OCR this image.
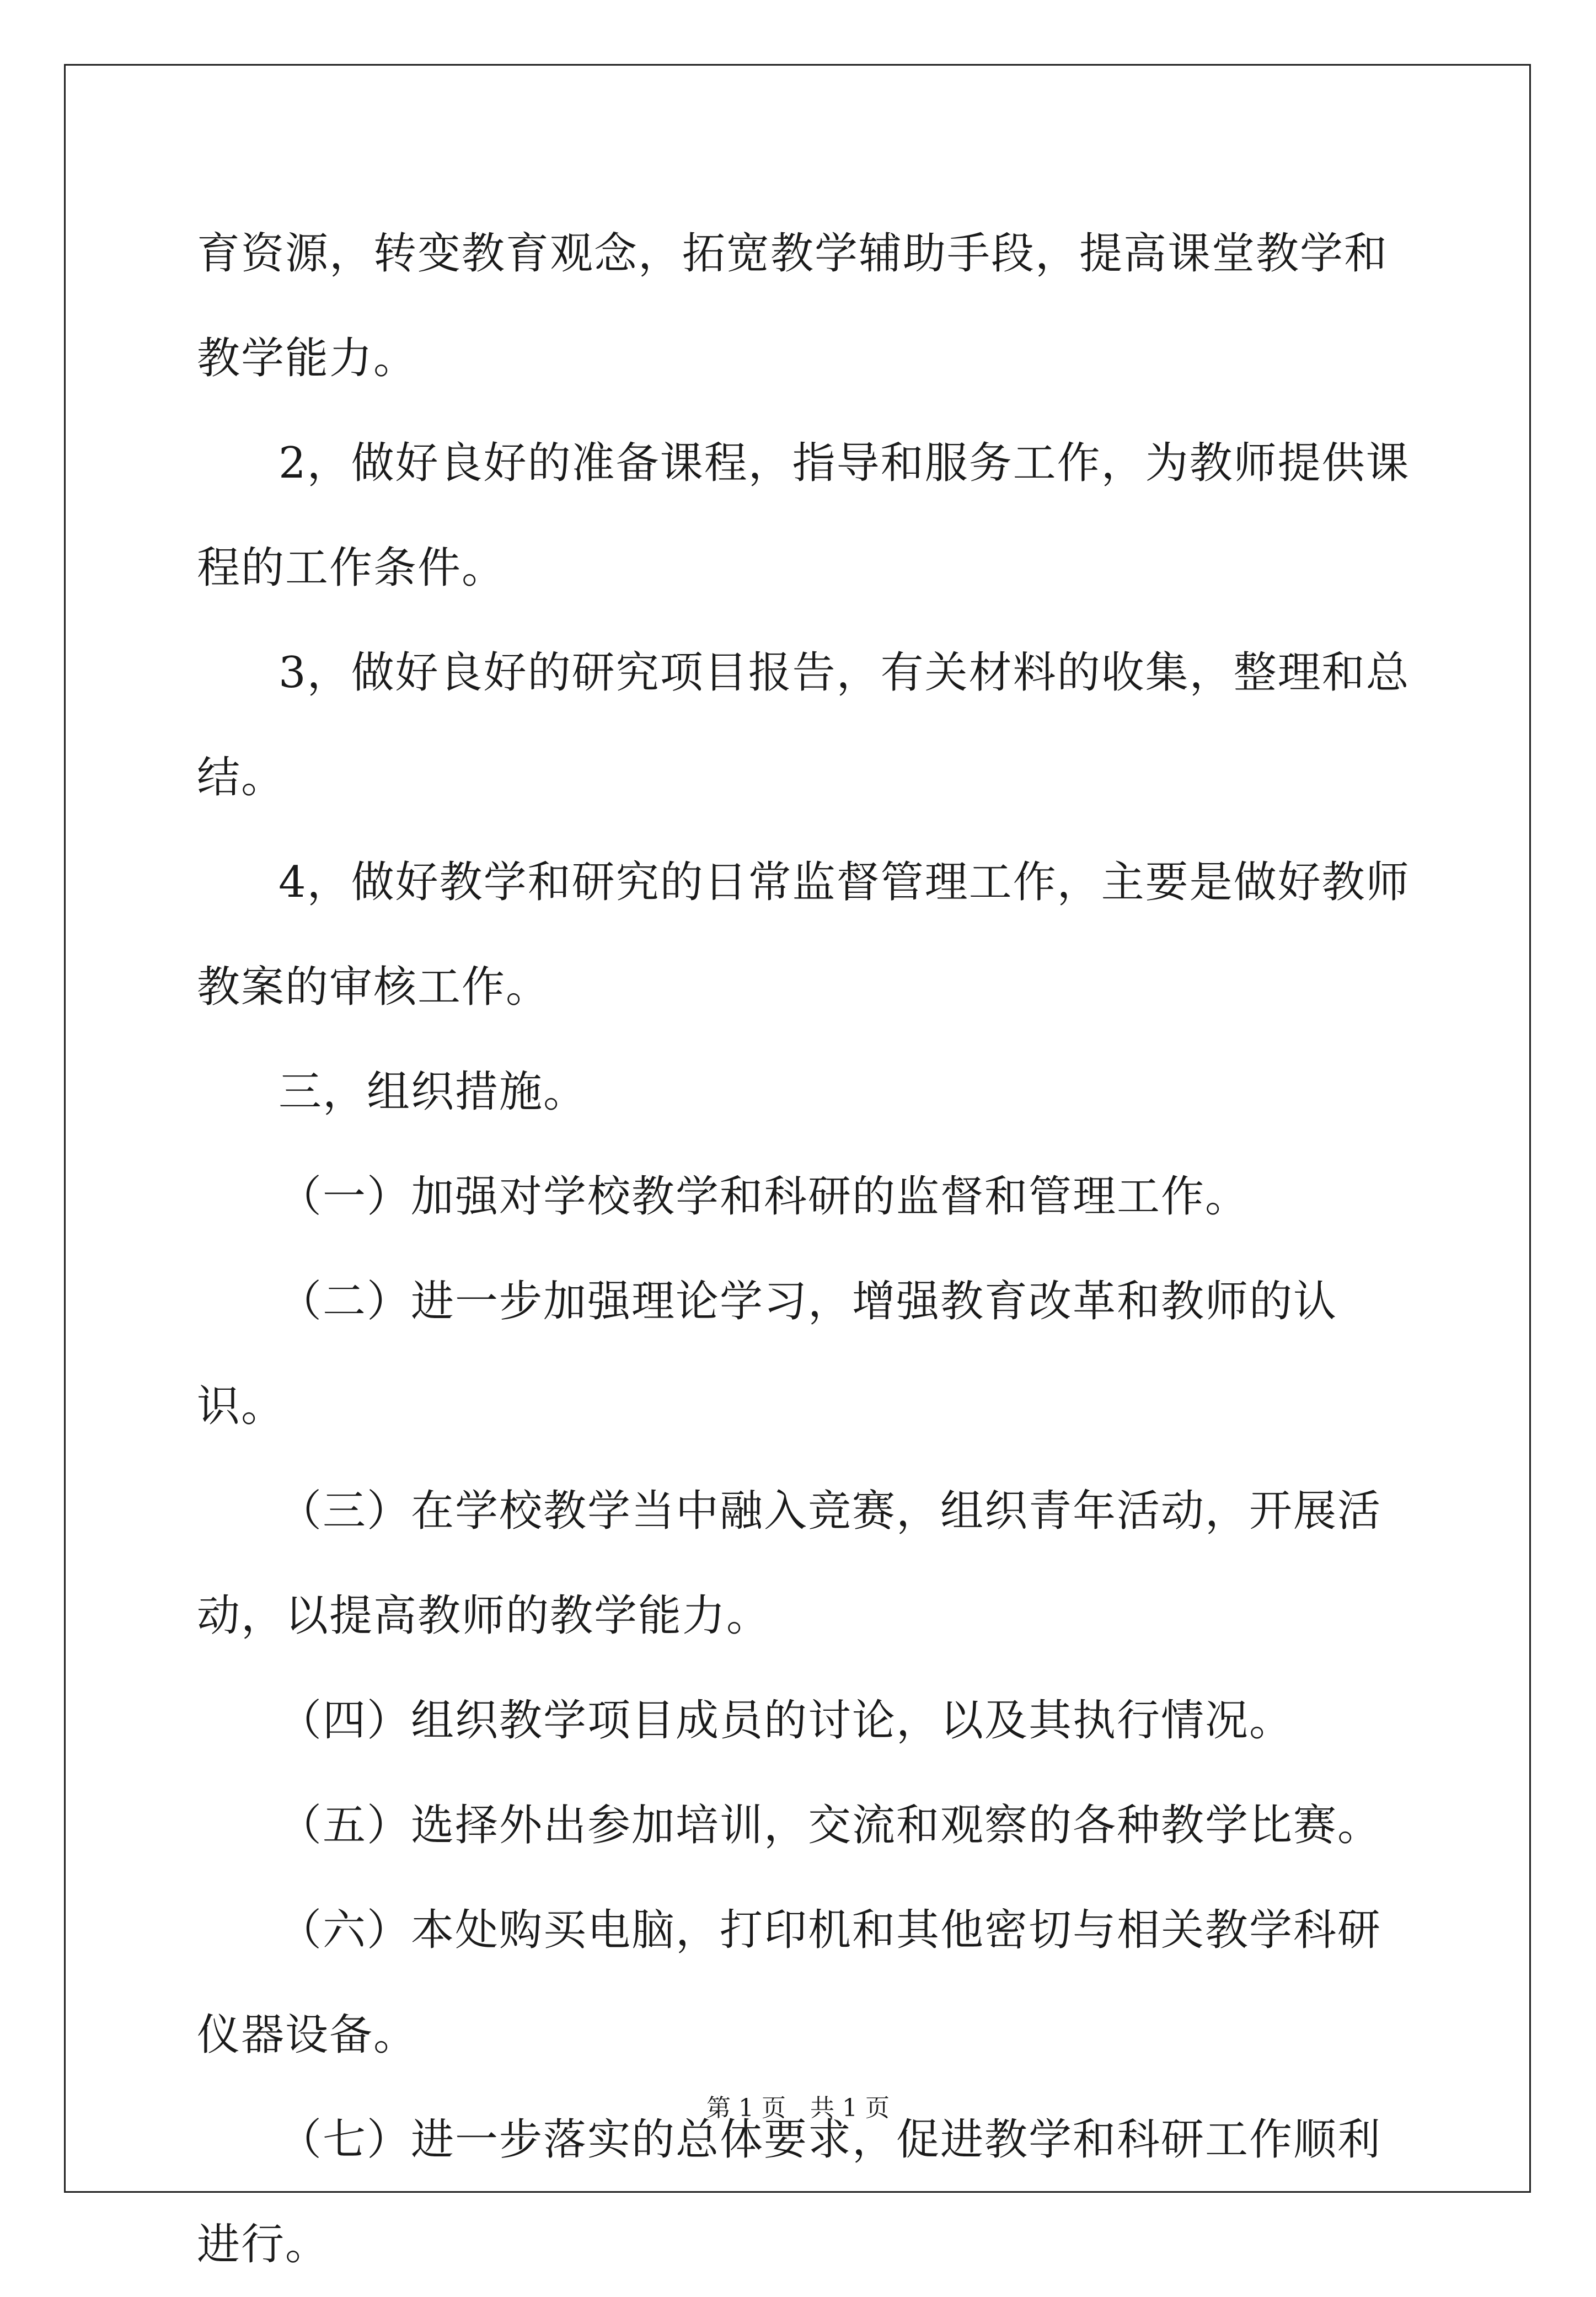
育资源，转变教育观念，拓宽教学辅助手段，提高课堂教学和教学能力。

2，做好良好的准备课程，指导和服务工作，为教师提供课程的工作条件。

3，做好良好的研究项目报告，有关材料的收集，整理和总结。

4，做好教学和研究的日常监督管理工作，主要是做好教师教案的审核工作。

三，组织措施。

（一）加强对学校教学和科研的监督和管理工作。

（二）进一步加强理论学习，增强教育改革和教师的认识。

（三）在学校教学当中融入竞赛，组织青年活动，开展活动，以提高教师的教学能力。

（四）组织教学项目成员的讨论，以及其执行情况。

（五）选择外出参加培训，交流和观察的各种教学比赛。

（六）本处购买电脑，打印机和其他密切与相关教学科研仪器设备。

（七）进一步落实的总体要求，促进教学和科研工作顺利进行。

第 1 页　共 1 页
